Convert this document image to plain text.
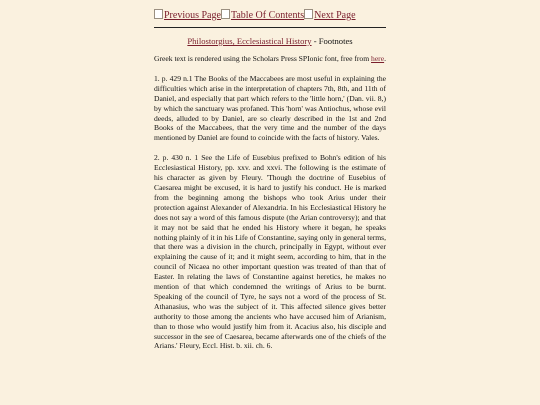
Previous Page Table Of Contents Next Page
Philostorgius, Ecclesiastical History - Footnotes

Greek text is rendered using the Scholars Press SPIonic font, free from here.

1. p. 429 n.1 The Books of the Maccabees are most useful in explaining the difficulties which arise in the interpretation of chapters 7th, 8th, and 11th of Daniel, and especially that part which refers to the 'little horn,' (Dan. vii. 8,) by which the sanctuary was profaned. This 'horn' was Antiochus, whose evil deeds, alluded to by Daniel, are so clearly described in the 1st and 2nd Books of the Maccabees, that the very time and the number of the days mentioned by Daniel are found to coincide with the facts of history. Vales.

2. p. 430 n. 1 See the Life of Eusebius prefixed to Bohn's edition of his Ecclesiastical History, pp. xxv. and xxvi. The following is the estimate of his character as given by Fleury. 'Though the doctrine of Eusebius of Caesarea might be excused, it is hard to justify his conduct. He is marked from the beginning among the bishops who took Arius under their protection against Alexander of Alexandria. In his Ecclesiastical History he does not say a word of this famous dispute (the Arian controversy); and that it may not be said that he ended his History where it began, he speaks nothing plainly of it in his Life of Constantine, saying only in general terms, that there was a division in the church, principally in Egypt, without ever explaining the cause of it; and it might seem, according to him, that in the council of Nicaea no other important question was treated of than that of Easter. In relating the laws of Constantine against heretics, he makes no mention of that which condemned the writings of Arius to be burnt. Speaking of the council of Tyre, he says not a word of the process of St. Athanasius, who was the subject of it. This affected silence gives better authority to those among the ancients who have accused him of Arianism, than to those who would justify him from it. Acacius also, his disciple and successor in the see of Caesarea, became afterwards one of the chiefs of the Arians.' Fleury, Eccl. Hist. b. xii. ch. 6.
